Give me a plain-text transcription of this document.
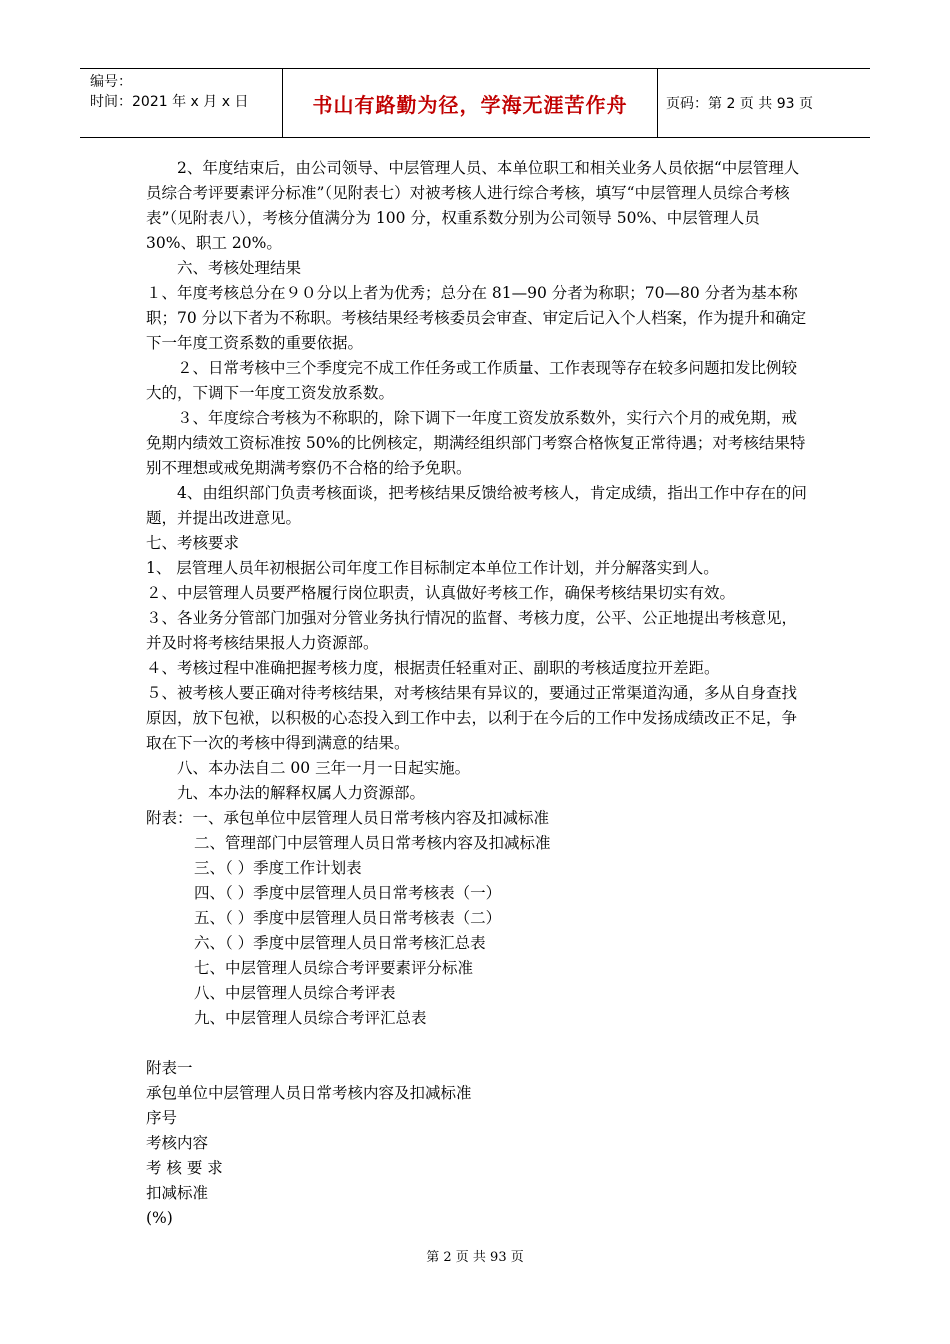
编号：
时间：2021 年 x 月 x 日	书山有路勤为径，学海无涯苦作舟	页码：第 2 页 共 93 页

2、年度结束后，由公司领导、中层管理人员、本单位职工和相关业务人员依据“中层管理人员综合考评要素评分标准”（见附表七）对被考核人进行综合考核，填写“中层管理人员综合考核表”（见附表八），考核分值满分为 100 分，权重系数分别为公司领导 50%、中层管理人员 30%、职工 20%。

六、考核处理结果

１、年度考核总分在９０分以上者为优秀；总分在 81—90 分者为称职；70—80 分者为基本称职；70 分以下者为不称职。考核结果经考核委员会审查、审定后记入个人档案，作为提升和确定下一年度工资系数的重要依据。

２、日常考核中三个季度完不成工作任务或工作质量、工作表现等存在较多问题扣发比例较大的，下调下一年度工资发放系数。

３、年度综合考核为不称职的，除下调下一年度工资发放系数外，实行六个月的戒免期，戒免期内绩效工资标准按 50%的比例核定，期满经组织部门考察合格恢复正常待遇；对考核结果特别不理想或戒免期满考察仍不合格的给予免职。

4、由组织部门负责考核面谈，把考核结果反馈给被考核人，肯定成绩，指出工作中存在的问题，并提出改进意见。

七、考核要求

1、 层管理人员年初根据公司年度工作目标制定本单位工作计划，并分解落实到人。

２、中层管理人员要严格履行岗位职责，认真做好考核工作，确保考核结果切实有效。

３、各业务分管部门加强对分管业务执行情况的监督、考核力度，公平、公正地提出考核意见，并及时将考核结果报人力资源部。

４、考核过程中准确把握考核力度，根据责任轻重对正、副职的考核适度拉开差距。

５、被考核人要正确对待考核结果，对考核结果有异议的，要通过正常渠道沟通，多从自身查找原因，放下包袱，以积极的心态投入到工作中去，以利于在今后的工作中发扬成绩改正不足，争取在下一次的考核中得到满意的结果。

八、本办法自二 00 三年一月一日起实施。

九、本办法的解释权属人力资源部。

附表：一、承包单位中层管理人员日常考核内容及扣减标准

二、管理部门中层管理人员日常考核内容及扣减标准

三、（ ）季度工作计划表

四、（ ）季度中层管理人员日常考核表（一）

五、（ ）季度中层管理人员日常考核表（二）

六、（ ）季度中层管理人员日常考核汇总表

七、中层管理人员综合考评要素评分标准

八、中层管理人员综合考评表

九、中层管理人员综合考评汇总表

附表一

承包单位中层管理人员日常考核内容及扣减标准

序号

考核内容

考 核 要 求

扣减标准

(%)

第 2 页 共 93 页
